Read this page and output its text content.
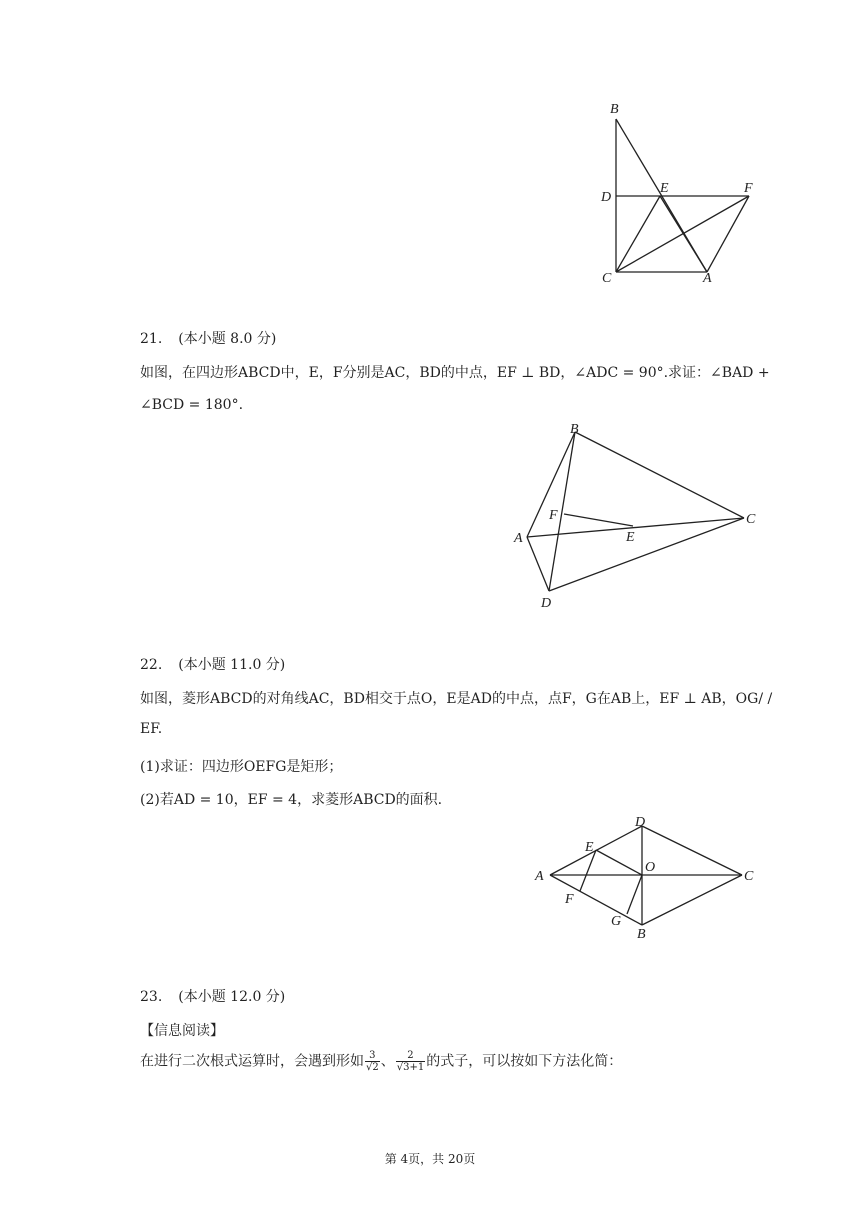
B
D
E	F
C	A
21. (本小题 8.0 分)
如图，在四边形ABCD中，E，F分别是AC，BD的中点，EF ⊥ BD，∠ADC = 90°.求证：∠BAD +
∠BCD = 180°.
B
F
A	E
C
D
22. (本小题 11.0 分)
如图，菱形ABCD的对角线AC，BD相交于点O，E是AD的中点，点F，G在AB上，EF ⊥ AB，OG/ /
EF.
(1)求证：四边形OEFG是矩形；
(2)若AD = 10，EF = 4，求菱形ABCD的面积.
D
E
A
O
C
F
G
B
23. (本小题 12.0 分)
【信息阅读】
在进行二次根式运算时，会遇到形如 $\frac{3}{√2}$ 、 $\frac{2}{√3+1}$ 的式子，可以按如下方法化简：
第 4页，共 20页
